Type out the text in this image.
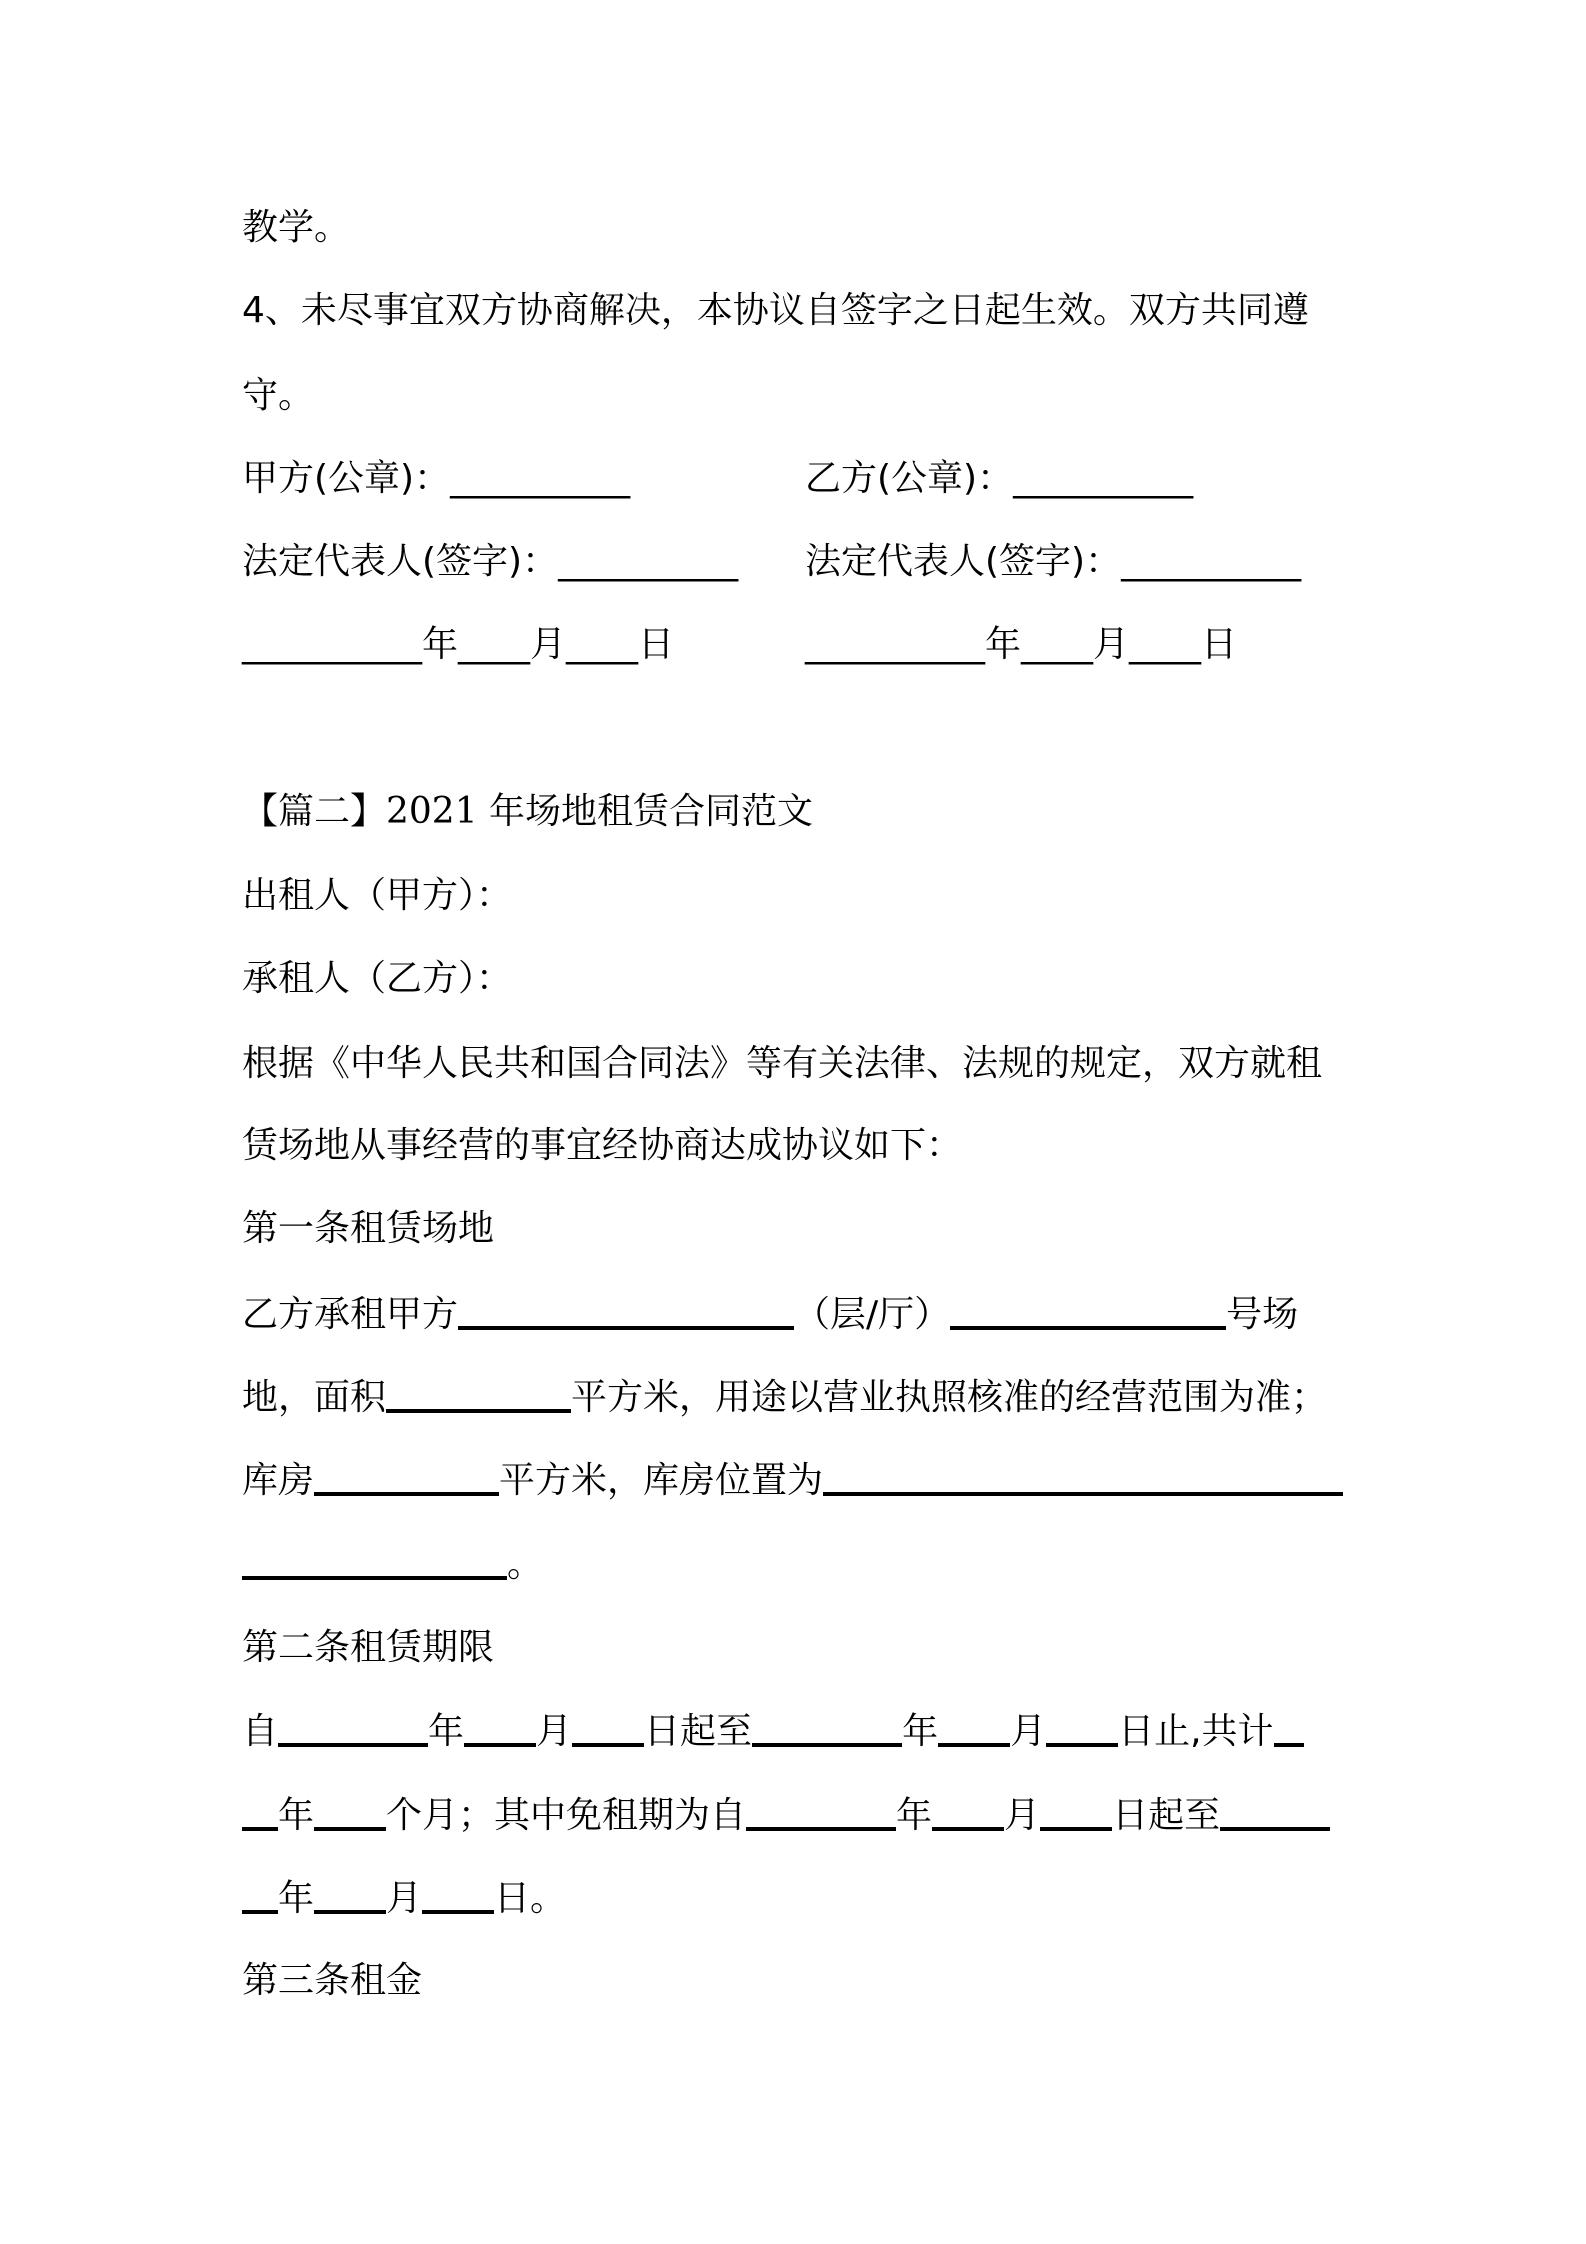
教学。
4、未尽事宜双方协商解决，本协议自签字之日起生效。双方共同遵
守。
甲方(公章)：__________	乙方(公章)：__________
法定代表人(签字)：__________ 法定代表人(签字)：__________
__________年____月____日	__________年____月____日
【篇二】2021 年场地租赁合同范文
出租人（甲方）：
承租人（乙方）：
根据《中华人民共和国合同法》等有关法律、法规的规定，双方就租
赁场地从事经营的事宜经协商达成协议如下：
第一条租赁场地
乙方承租甲方	（层/厅）	号场
地，面积	平方米，用途以营业执照核准的经营范围为准；
库房	平方米，库房位置为
。
第二条租赁期限
自	年 月 日起至	年 月 日止,共计
年 个月；其中免租期为自	年 月 日起至
年 月 日。
第三条租金
